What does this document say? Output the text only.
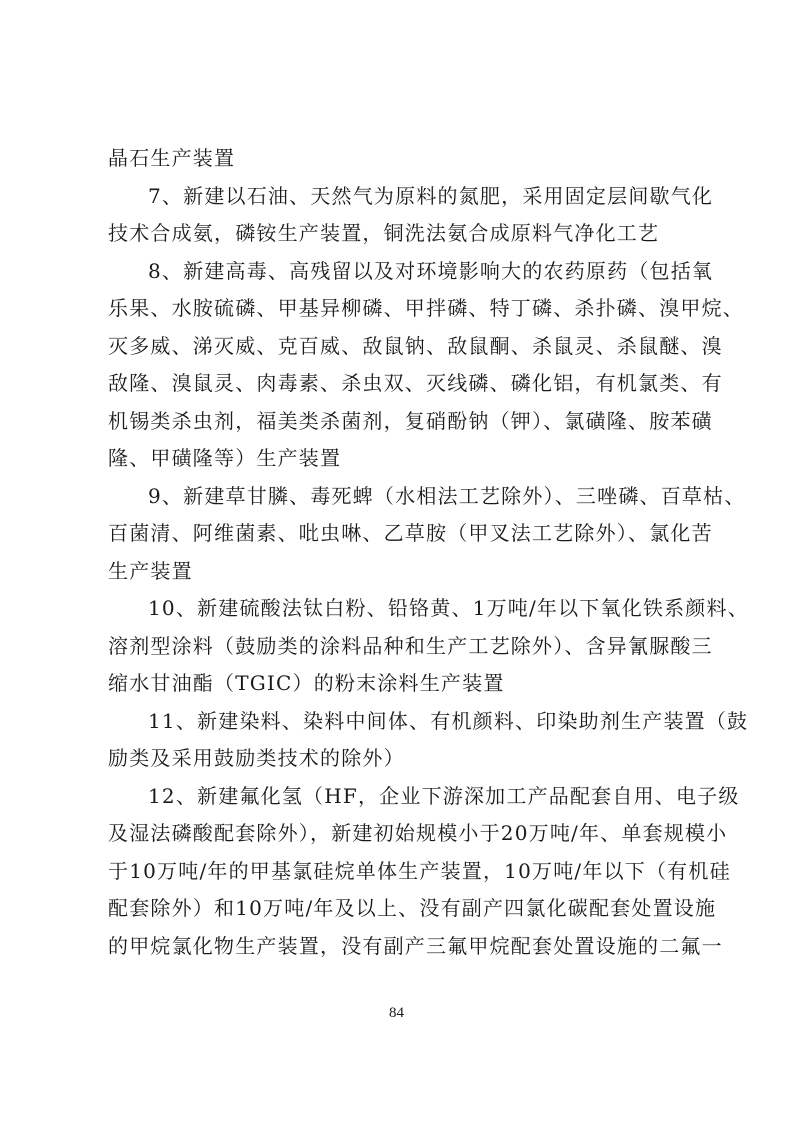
晶石生产装置
7、新建以石油、天然气为原料的氮肥，采用固定层间歇气化
技术合成氨，磷铵生产装置，铜洗法氨合成原料气净化工艺
8、新建高毒、高残留以及对环境影响大的农药原药（包括氧
乐果、水胺硫磷、甲基异柳磷、甲拌磷、特丁磷、杀扑磷、溴甲烷、
灭多威、涕灭威、克百威、敌鼠钠、敌鼠酮、杀鼠灵、杀鼠醚、溴
敌隆、溴鼠灵、肉毒素、杀虫双、灭线磷、磷化铝，有机氯类、有
机锡类杀虫剂，福美类杀菌剂，复硝酚钠（钾）、氯磺隆、胺苯磺
隆、甲磺隆等）生产装置
9、新建草甘膦、毒死蜱（水相法工艺除外）、三唑磷、百草枯、
百菌清、阿维菌素、吡虫啉、乙草胺（甲叉法工艺除外）、氯化苦
生产装置
10、新建硫酸法钛白粉、铅铬黄、1万吨/年以下氧化铁系颜料、
溶剂型涂料（鼓励类的涂料品种和生产工艺除外）、含异氰脲酸三
缩水甘油酯（TGIC）的粉末涂料生产装置
11、新建染料、染料中间体、有机颜料、印染助剂生产装置（鼓
励类及采用鼓励类技术的除外）
12、新建氟化氢（HF，企业下游深加工产品配套自用、电子级
及湿法磷酸配套除外），新建初始规模小于20万吨/年、单套规模小
于10万吨/年的甲基氯硅烷单体生产装置，10万吨/年以下（有机硅
配套除外）和10万吨/年及以上、没有副产四氯化碳配套处置设施
的甲烷氯化物生产装置，没有副产三氟甲烷配套处置设施的二氟一
84
